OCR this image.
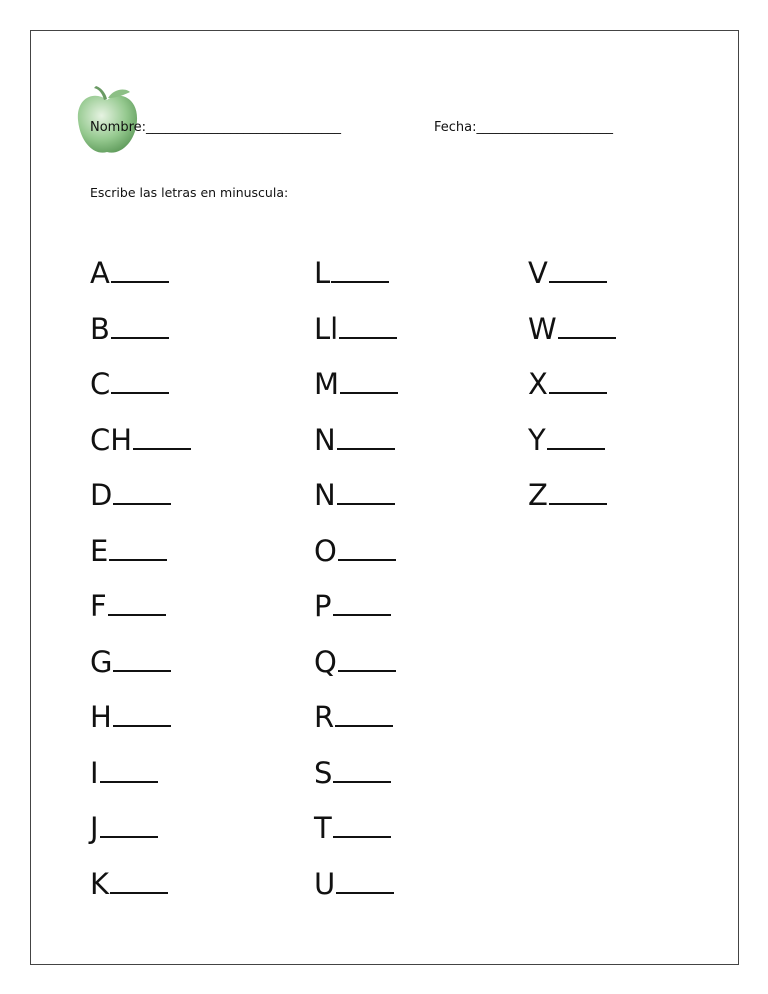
Nombre:______________________________	Fecha:_____________________
Escribe las letras en minuscula:
A
B
C
CH
D
E
F
G
H
I
J
K
L
Ll
M
N
N
O
P
Q
R
S
T
U
V
W
X
Y
Z
